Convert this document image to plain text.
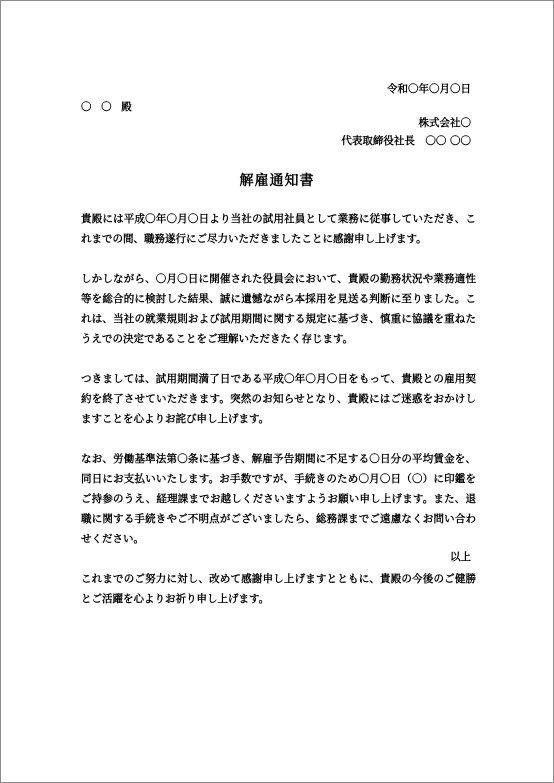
令和〇年〇月〇日
〇 〇 殿
株式会社〇
代表取締役社長　〇〇 〇〇
解雇通知書

貴殿には平成〇年〇月〇日より当社の試用社員として業務に従事していただき、これまでの間、職務遂行にご尽力いただきましたことに感謝申し上げます。

しかしながら、〇月〇日に開催された役員会において、貴殿の勤務状況や業務適性等を総合的に検討した結果、誠に遺憾ながら本採用を見送る判断に至りました。これは、当社の就業規則および試用期間に関する規定に基づき、慎重に協議を重ねたうえでの決定であることをご理解いただきたく存じます。

つきましては、試用期間満了日である平成〇年〇月〇日をもって、貴殿との雇用契約を終了させていただきます。突然のお知らせとなり、貴殿にはご迷惑をおかけしますことを心よりお詫び申し上げます。

なお、労働基準法第〇条に基づき、解雇予告期間に不足する〇日分の平均賃金を、同日にお支払いいたします。お手数ですが、手続きのため〇月〇日（〇）に印鑑をご持参のうえ、経理課までお越しくださいますようお願い申し上げます。また、退職に関する手続きやご不明点がございましたら、総務課までご遠慮なくお問い合わせください。

これまでのご努力に対し、改めて感謝申し上げますとともに、貴殿の今後のご健勝とご活躍を心よりお祈り申し上げます。

以上
